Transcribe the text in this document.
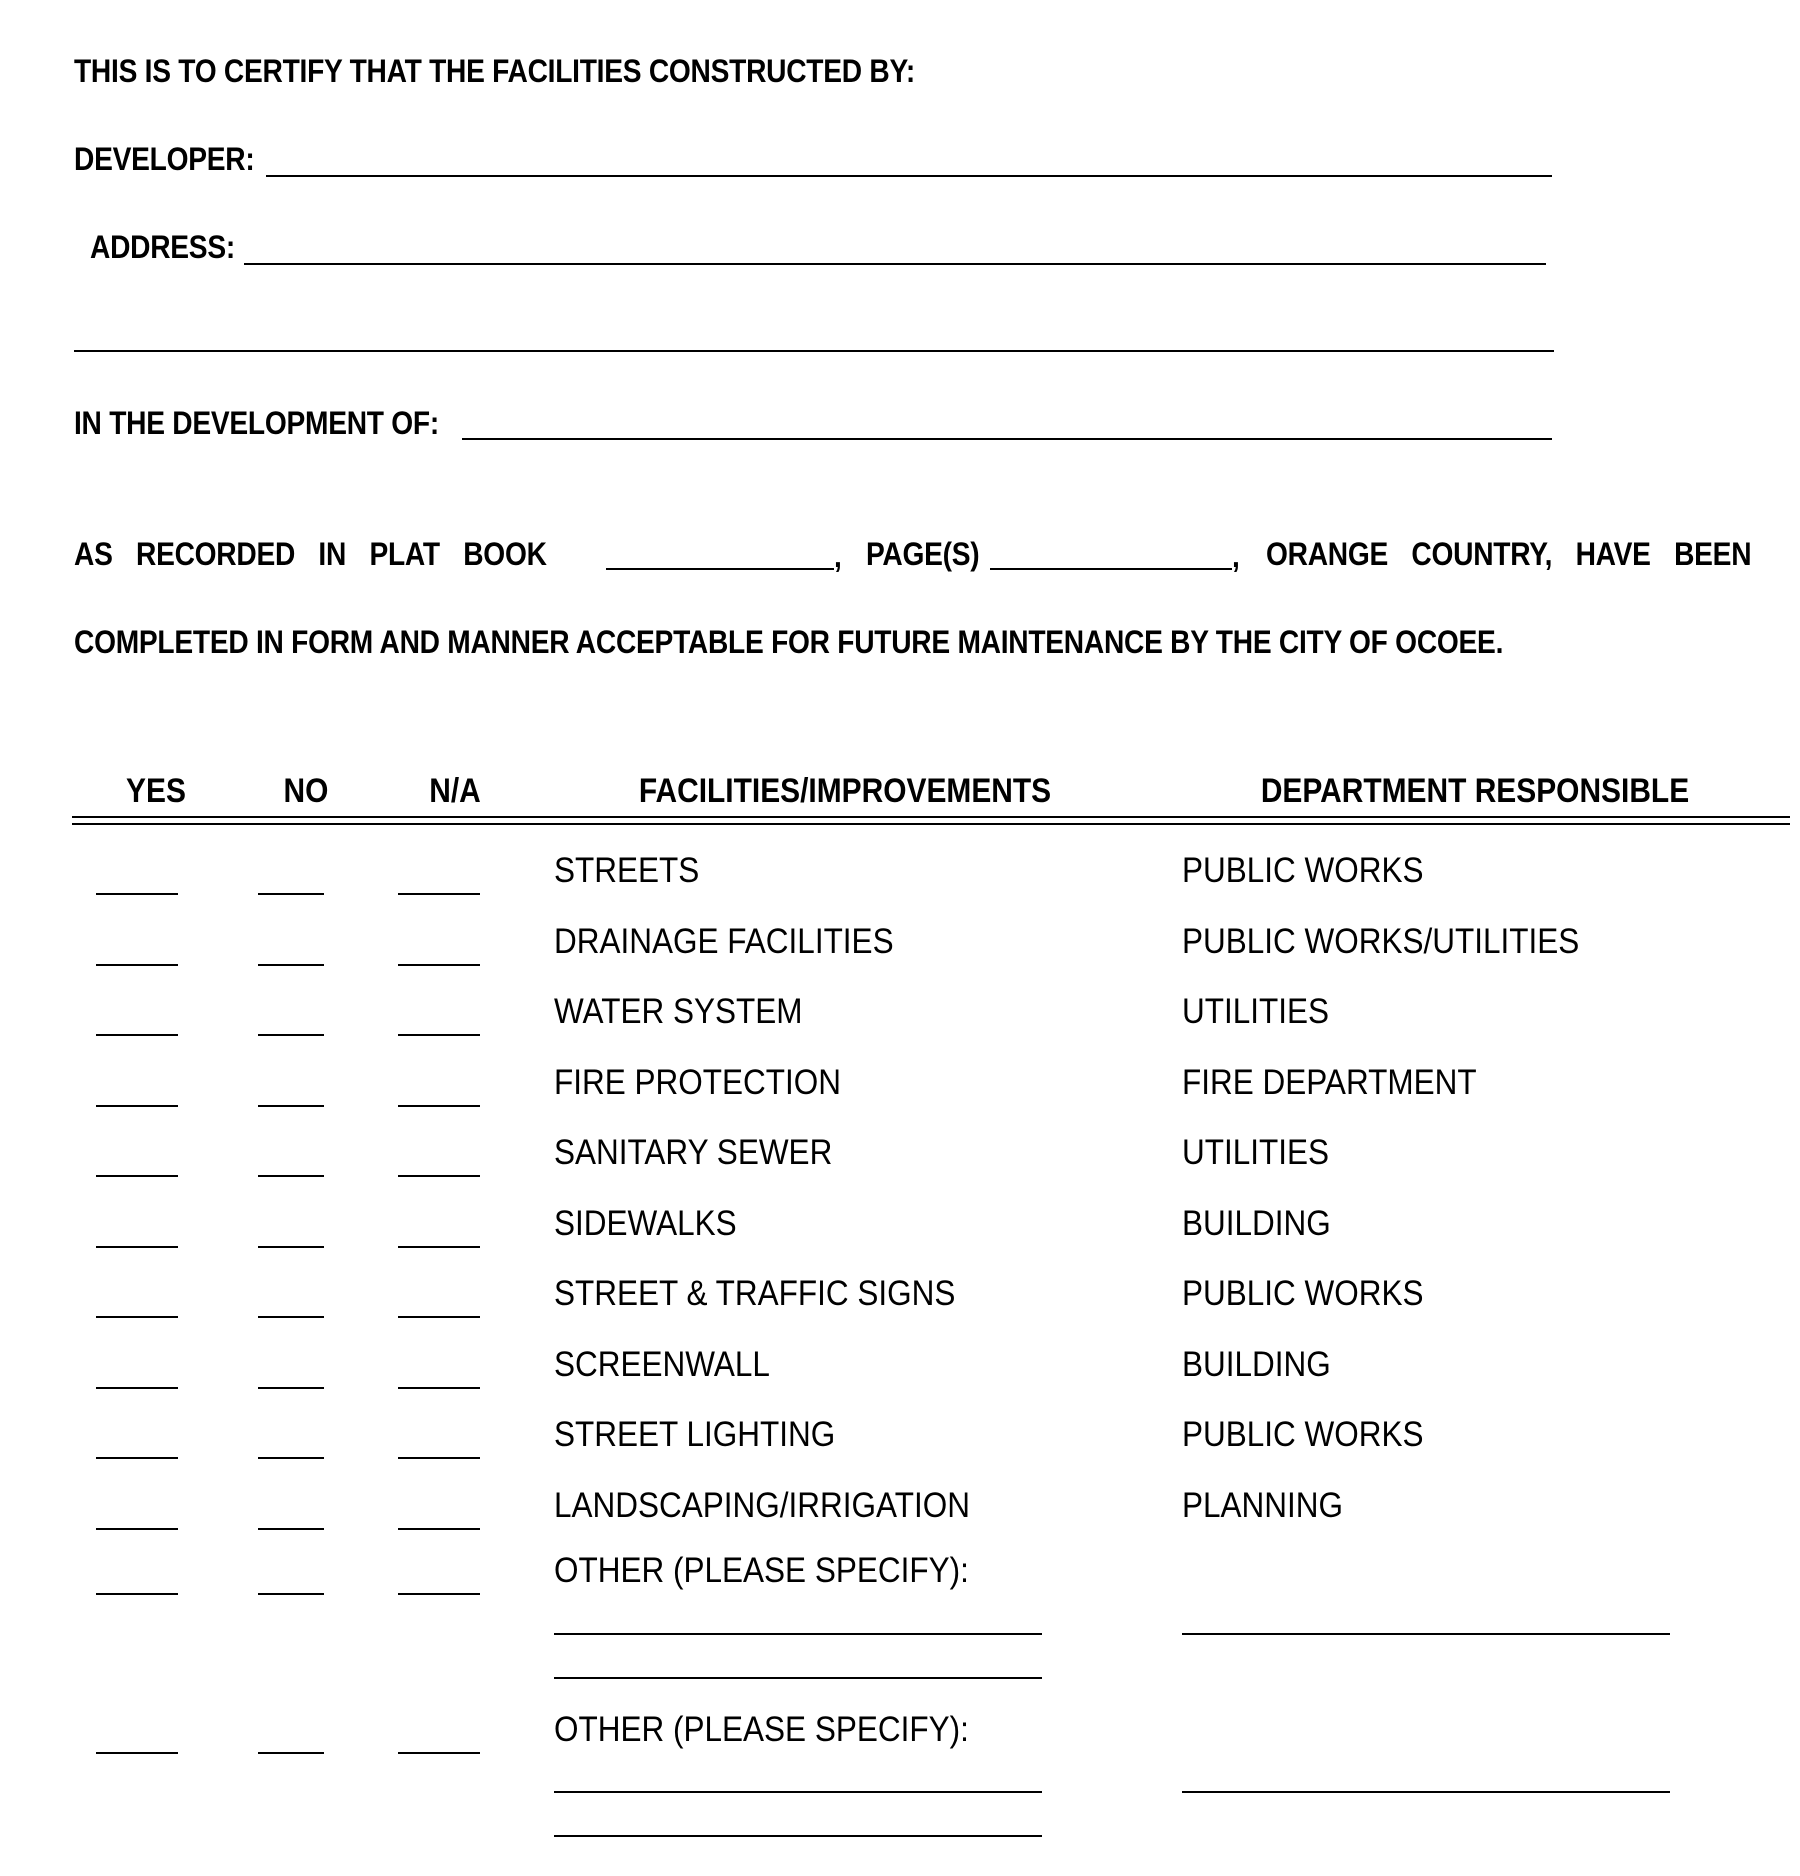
THIS IS TO CERTIFY THAT THE FACILITIES CONSTRUCTED BY:
DEVELOPER:
ADDRESS:
IN THE DEVELOPMENT OF:
AS RECORDED IN PLAT BOOK	, PAGE(S)	, ORANGE COUNTRY, HAVE BEEN
COMPLETED IN FORM AND MANNER ACCEPTABLE FOR FUTURE MAINTENANCE BY THE CITY OF OCOEE.
YES	NO	N/A	FACILITIES/IMPROVEMENTS	DEPARTMENT RESPONSIBLE
STREETS	PUBLIC WORKS
DRAINAGE FACILITIES	PUBLIC WORKS/UTILITIES
WATER SYSTEM	UTILITIES
FIRE PROTECTION	FIRE DEPARTMENT
SANITARY SEWER	UTILITIES
SIDEWALKS	BUILDING
STREET & TRAFFIC SIGNS	PUBLIC WORKS
SCREENWALL	BUILDING
STREET LIGHTING	PUBLIC WORKS
LANDSCAPING/IRRIGATION	PLANNING
OTHER (PLEASE SPECIFY):
OTHER (PLEASE SPECIFY):
